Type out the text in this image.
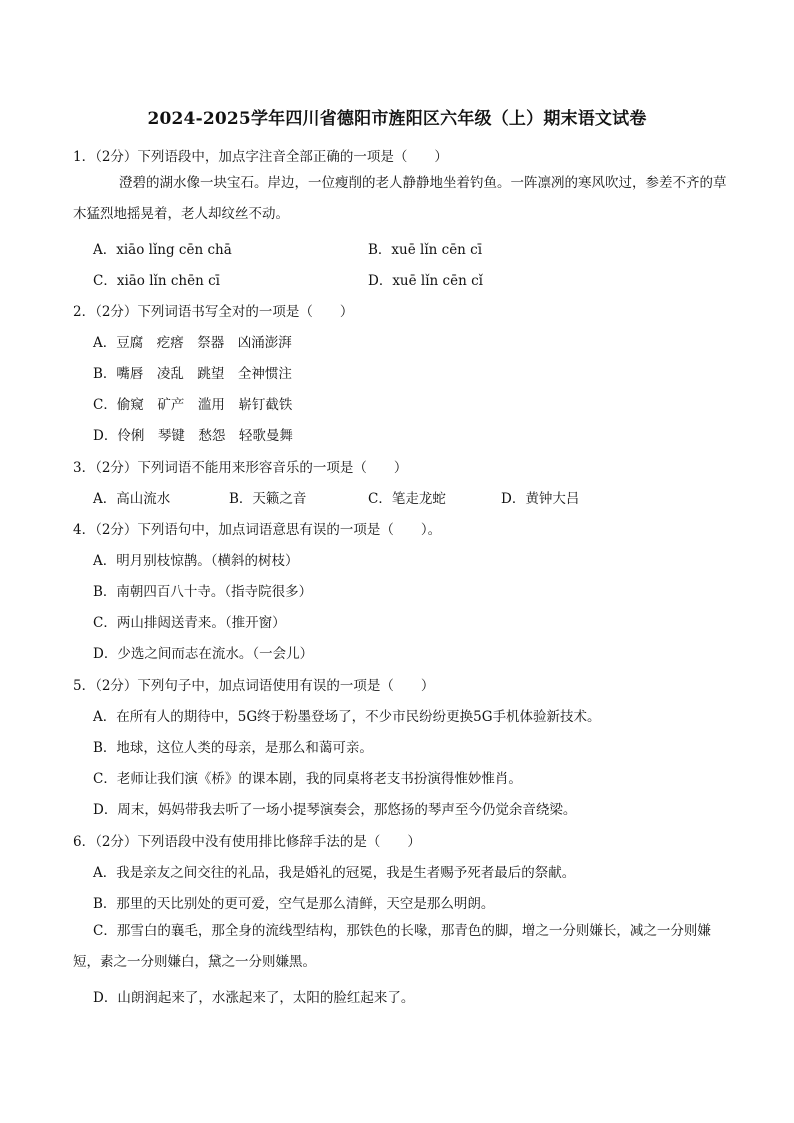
2024-2025学年四川省德阳市旌阳区六年级（上）期末语文试卷
1．（2分）下列语段中，加点字注音全部正确的一项是（　　）
澄碧的湖水像一块宝石。岸边，一位瘦削的老人静静地坐着钓鱼。一阵凛冽的寒风吹过，参差不齐的草木猛烈地摇晃着，老人却纹丝不动。
A．xiāo lǐng cēn chā	B．xuē lǐn cēn cī
C．xiāo lǐn chēn cī	D．xuē lǐn cēn cǐ
2．（2分）下列词语书写全对的一项是（　　）
A．豆腐　疙瘩　祭器　凶涌澎湃
B．嘴唇　凌乱　跳望　全神惯注
C．偷窥　矿产　滥用　崭钉截铁
D．伶俐　琴键　愁怨　轻歌曼舞
3．（2分）下列词语不能用来形容音乐的一项是（　　）
A．高山流水	B．天籁之音	C．笔走龙蛇	D．黄钟大吕
4．（2分）下列语句中，加点词语意思有误的一项是（　　）。
A．明月别枝惊鹊。（横斜的树枝）
B．南朝四百八十寺。（指寺院很多）
C．两山排闼送青来。（推开窗）
D．少选之间而志在流水。（一会儿）
5．（2分）下列句子中，加点词语使用有误的一项是（　　）
A．在所有人的期待中，5G终于粉墨登场了，不少市民纷纷更换5G手机体验新技术。
B．地球，这位人类的母亲，是那么和蔼可亲。
C．老师让我们演《桥》的课本剧，我的同桌将老支书扮演得惟妙惟肖。
D．周末，妈妈带我去听了一场小提琴演奏会，那悠扬的琴声至今仍觉余音绕梁。
6．（2分）下列语段中没有使用排比修辞手法的是（　　）
A．我是亲友之间交往的礼品，我是婚礼的冠冕，我是生者赐予死者最后的祭献。
B．那里的天比别处的更可爱，空气是那么清鲜，天空是那么明朗。
C．那雪白的襄毛，那全身的流线型结构，那铁色的长喙，那青色的脚，增之一分则嫌长，减之一分则嫌短，素之一分则嫌白，黛之一分则嫌黑。
D．山朗润起来了，水涨起来了，太阳的脸红起来了。
